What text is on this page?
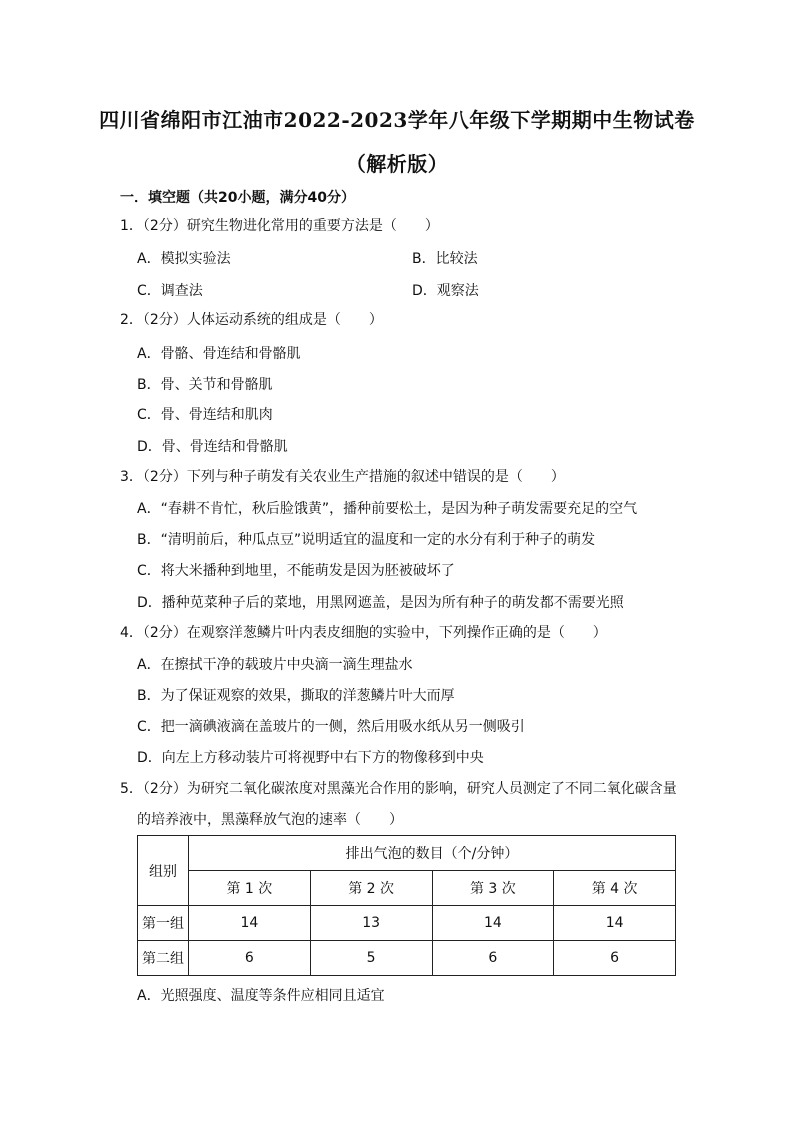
四川省绵阳市江油市2022-2023学年八年级下学期期中生物试卷
（解析版）
一．填空题（共20小题，满分40分）
1．（2分）研究生物进化常用的重要方法是（　　）
A．模拟实验法	B．比较法
C．调查法	D．观察法
2．（2分）人体运动系统的组成是（　　）
A．骨骼、骨连结和骨骼肌
B．骨、关节和骨骼肌
C．骨、骨连结和肌肉
D．骨、骨连结和骨骼肌
3．（2分）下列与种子萌发有关农业生产措施的叙述中错误的是（　　）
A．“春耕不肯忙，秋后脸饿黄”，播种前要松土，是因为种子萌发需要充足的空气
B．“清明前后，种瓜点豆”说明适宜的温度和一定的水分有利于种子的萌发
C．将大米播种到地里，不能萌发是因为胚被破坏了
D．播种苋菜种子后的菜地，用黑网遮盖，是因为所有种子的萌发都不需要光照
4．（2分）在观察洋葱鳞片叶内表皮细胞的实验中，下列操作正确的是（　　）
A．在擦拭干净的载玻片中央滴一滴生理盐水
B．为了保证观察的效果，撕取的洋葱鳞片叶大而厚
C．把一滴碘液滴在盖玻片的一侧，然后用吸水纸从另一侧吸引
D．向左上方移动装片可将视野中右下方的物像移到中央
5．（2分）为研究二氧化碳浓度对黑藻光合作用的影响，研究人员测定了不同二氧化碳含量
的培养液中，黑藻释放气泡的速率（　　）
组别	排出气泡的数目（个/分钟）			
	第 1 次	第 2 次	第 3 次	第 4 次
第一组	14	13	14	14
第二组	6	5	6	6
A．光照强度、温度等条件应相同且适宜
